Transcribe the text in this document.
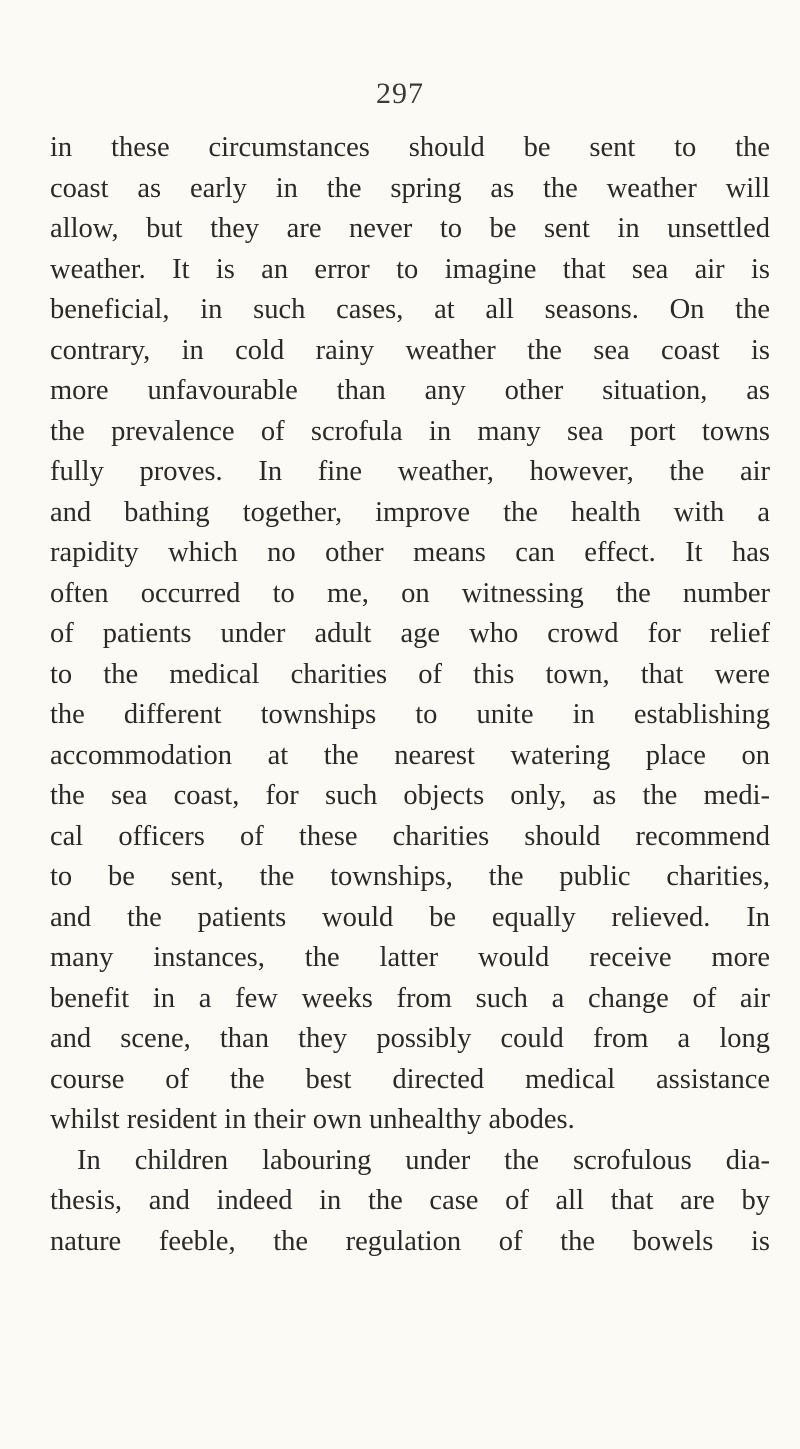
297
in these circumstances should be sent to the
coast as early in the spring as the weather will
allow, but they are never to be sent in unsettled
weather. It is an error to imagine that sea air is
beneficial, in such cases, at all seasons. On the
contrary, in cold rainy weather the sea coast is
more unfavourable than any other situation, as
the prevalence of scrofula in many sea port towns
fully proves. In fine weather, however, the air
and bathing together, improve the health with a
rapidity which no other means can effect. It has
often occurred to me, on witnessing the number
of patients under adult age who crowd for relief
to the medical charities of this town, that were
the different townships to unite in establishing
accommodation at the nearest watering place on
the sea coast, for such objects only, as the medi-
cal officers of these charities should recommend
to be sent, the townships, the public charities,
and the patients would be equally relieved. In
many instances, the latter would receive more
benefit in a few weeks from such a change of air
and scene, than they possibly could from a long
course of the best directed medical assistance
whilst resident in their own unhealthy abodes.
In children labouring under the scrofulous dia-
thesis, and indeed in the case of all that are by
nature feeble, the regulation of the bowels is
